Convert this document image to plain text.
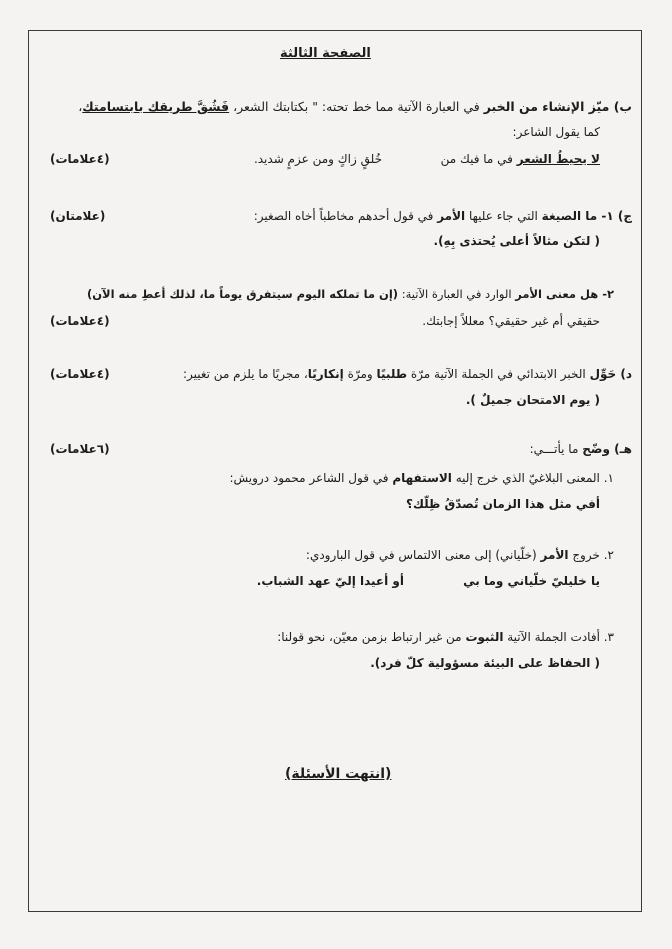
الصفحة الثالثة
ب) ميّز الإنشاء من الخبر في العبارة الآتية مما خط تحته: " بكتابتك الشعر، فَشُقَّ طريقك بابتسامتك،
كما يقول الشاعر:
لا يحيطُ الشعر في ما فيك من
خُلقٍ زاكٍ ومن عزمٍ شديد.
(٤علامات)
ج) ١- ما الصيغة التي جاء عليها الأمر في قول أحدهم مخاطباً أخاه الصغير:
(علامتان)
( لتكن مثالاً أعلى يُحتذى بِهِ).
٢- هل معنى الأمر الوارد في العبارة الآتية: (إن ما تملكه اليوم سيتفرق يوماً ما، لذلك أعطِ منه الآن)
حقيقي أم غير حقيقي؟ معللاً إجابتك.
(٤علامات)
د) حَوِّل الخبر الابتدائي في الجملة الآتية مرّة طلبيًا ومرّة إنكاريًا، مجريًا ما يلزم من تغيير:
(٤علامات)
( يوم الامتحان جميلٌ ).
هـ) وضّح ما يأتـــي:
(٦علامات)
١. المعنى البلاغيّ الذي خرج إليه الاستفهام في قول الشاعر محمود درويش:
أفي مثل هذا الزمان تُصدّقُ ظِلّك؟
٢. خروج الأمر (خلّياني) إلى معنى الالتماس في قول البارودي:
يا خليليّ خلّياني وما بي
أو أعيدا إليّ عهد الشباب.
٣. أفادت الجملة الآتية الثبوت من غير ارتباط بزمن معيّن، نحو قولنا:
( الحفاظ على البيئة مسؤولية كلّ فرد).
(انتهت الأسئلة)
